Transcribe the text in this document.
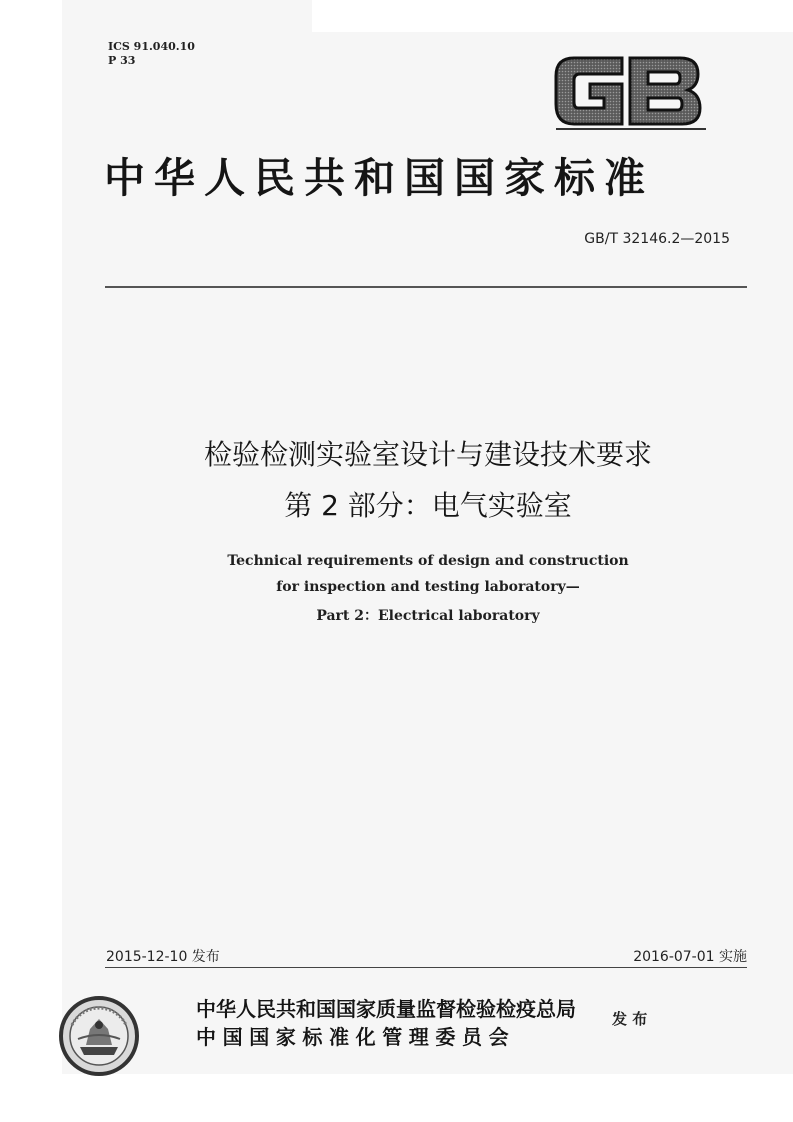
ICS 91.040.10
P 33
中华人民共和国国家标准
GB/T 32146.2—2015
检验检测实验室设计与建设技术要求
第 2 部分：电气实验室
Technical requirements of design and construction
for inspection and testing laboratory—
Part 2：Electrical laboratory
2015-12-10 发布	2016-07-01 实施
中华人民共和国国家质量监督检验检疫总局
中国国家标准化管理委员会
发 布
